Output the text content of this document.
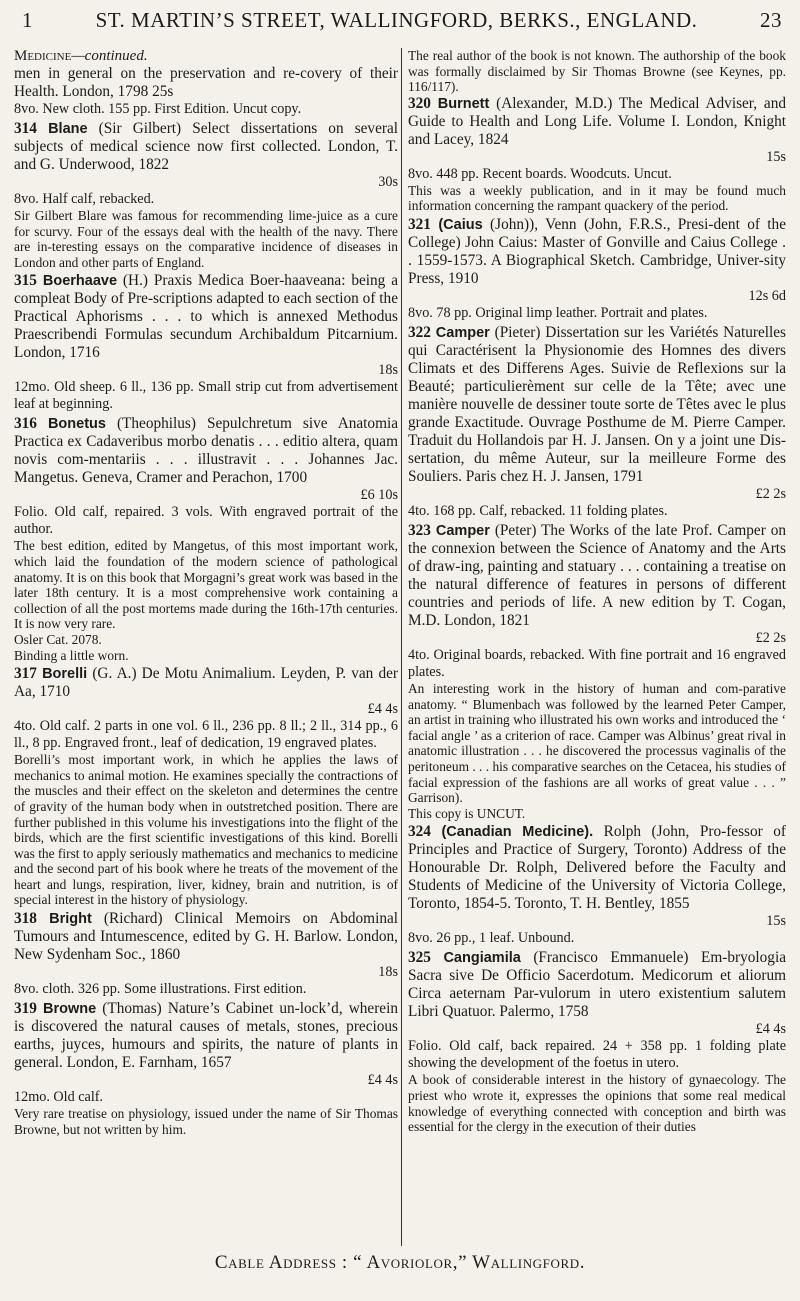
1	ST. MARTIN’S STREET, WALLINGFORD, BERKS., ENGLAND.	23
Medicine—continued.
men in general on the preservation and re-covery of their Health. London, 1798 25s
8vo. New cloth. 155 pp. First Edition. Uncut copy.
314 Blane (Sir Gilbert) Select dissertations on several subjects of medical science now first collected. London, T. and G. Underwood, 1822
30s
8vo. Half calf, rebacked.
Sir Gilbert Blare was famous for recommending lime-juice as a cure for scurvy. Four of the essays deal with the health of the navy. There are in-teresting essays on the comparative incidence of diseases in London and other parts of England.
315 Boerhaave (H.) Praxis Medica Boer-haaveana: being a compleat Body of Pre-scriptions adapted to each section of the Practical Aphorisms . . . to which is annexed Methodus Praescribendi Formulas secundum Archibaldum Pitcarnium. London, 1716
18s
12mo. Old sheep. 6 ll., 136 pp. Small strip cut from advertisement leaf at beginning.
316 Bonetus (Theophilus) Sepulchretum sive Anatomia Practica ex Cadaveribus morbo denatis . . . editio altera, quam novis com-mentariis . . . illustravit . . . Johannes Jac. Mangetus. Geneva, Cramer and Perachon, 1700
£6 10s
Folio. Old calf, repaired. 3 vols. With engraved portrait of the author.
The best edition, edited by Mangetus, of this most important work, which laid the foundation of the modern science of pathological anatomy. It is on this book that Morgagni’s great work was based in the later 18th century. It is a most comprehensive work containing a collection of all the post mortems made during the 16th-17th centuries. It is now very rare.
Osler Cat. 2078.
Binding a little worn.
317 Borelli (G. A.) De Motu Animalium. Leyden, P. van der Aa, 1710
£4 4s
4to. Old calf. 2 parts in one vol. 6 ll., 236 pp. 8 ll.; 2 ll., 314 pp., 6 ll., 8 pp. Engraved front., leaf of dedication, 19 engraved plates.
Borelli’s most important work, in which he applies the laws of mechanics to animal motion. He examines specially the contractions of the muscles and their effect on the skeleton and determines the centre of gravity of the human body when in outstretched position. There are further published in this volume his investigations into the flight of the birds, which are the first scientific investigations of this kind. Borelli was the first to apply seriously mathematics and mechanics to medicine and the second part of his book where he treats of the movement of the heart and lungs, respiration, liver, kidney, brain and nutrition, is of special interest in the history of physiology.
318 Bright (Richard) Clinical Memoirs on Abdominal Tumours and Intumescence, edited by G. H. Barlow. London, New Sydenham Soc., 1860
18s
8vo. cloth. 326 pp. Some illustrations. First edition.
319 Browne (Thomas) Nature’s Cabinet un-lock’d, wherein is discovered the natural causes of metals, stones, precious earths, juyces, humours and spirits, the nature of plants in general. London, E. Farnham, 1657
£4 4s
12mo. Old calf.
Very rare treatise on physiology, issued under the name of Sir Thomas Browne, but not written by him.
The real author of the book is not known. The authorship of the book was formally disclaimed by Sir Thomas Browne (see Keynes, pp. 116/117).
320 Burnett (Alexander, M.D.) The Medical Adviser, and Guide to Health and Long Life. Volume I. London, Knight and Lacey, 1824
15s
8vo. 448 pp. Recent boards. Woodcuts. Uncut.
This was a weekly publication, and in it may be found much information concerning the rampant quackery of the period.
321 (Caius (John)), Venn (John, F.R.S., Presi-dent of the College) John Caius: Master of Gonville and Caius College . . 1559-1573. A Biographical Sketch. Cambridge, Univer-sity Press, 1910
12s 6d
8vo. 78 pp. Original limp leather. Portrait and plates.
322 Camper (Pieter) Dissertation sur les Variétés Naturelles qui Caractérisent la Physionomie des Homnes des divers Climats et des Differens Ages. Suivie de Reflexions sur la Beauté; particulierèment sur celle de la Tête; avec une manière nouvelle de dessiner toute sorte de Têtes avec le plus grande Exactitude. Ouvrage Posthume de M. Pierre Camper. Traduit du Hollandois par H. J. Jansen. On y a joint une Dis-sertation, du même Auteur, sur la meilleure Forme des Souliers. Paris chez H. J. Jansen, 1791
£2 2s
4to. 168 pp. Calf, rebacked. 11 folding plates.
323 Camper (Peter) The Works of the late Prof. Camper on the connexion between the Science of Anatomy and the Arts of draw-ing, painting and statuary . . . containing a treatise on the natural difference of features in persons of different countries and periods of life. A new edition by T. Cogan, M.D. London, 1821
£2 2s
4to. Original boards, rebacked. With fine portrait and 16 engraved plates.
An interesting work in the history of human and com-parative anatomy. “ Blumenbach was followed by the learned Peter Camper, an artist in training who illustrated his own works and introduced the ‘ facial angle ’ as a criterion of race. Camper was Albinus’ great rival in anatomic illustration . . . he discovered the processus vaginalis of the peritoneum . . . his comparative searches on the Cetacea, his studies of facial expression of the fashions are all works of great value . . . ” Garrison).
This copy is UNCUT.
324 (Canadian Medicine). Rolph (John, Pro-fessor of Principles and Practice of Surgery, Toronto) Address of the Honourable Dr. Rolph, Delivered before the Faculty and Students of Medicine of the University of Victoria College, Toronto, 1854-5. Toronto, T. H. Bentley, 1855
15s
8vo. 26 pp., 1 leaf. Unbound.
325 Cangiamila (Francisco Emmanuele) Em-bryologia Sacra sive De Officio Sacerdotum. Medicorum et aliorum Circa aeternam Par-vulorum in utero existentium salutem Libri Quatuor. Palermo, 1758
£4 4s
Folio. Old calf, back repaired. 24 + 358 pp. 1 folding plate showing the development of the foetus in utero.
A book of considerable interest in the history of gynaecology. The priest who wrote it, expresses the opinions that some real medical knowledge of everything connected with conception and birth was essential for the clergy in the execution of their duties
Cable Address : “ Avoriolor,” Wallingford.
